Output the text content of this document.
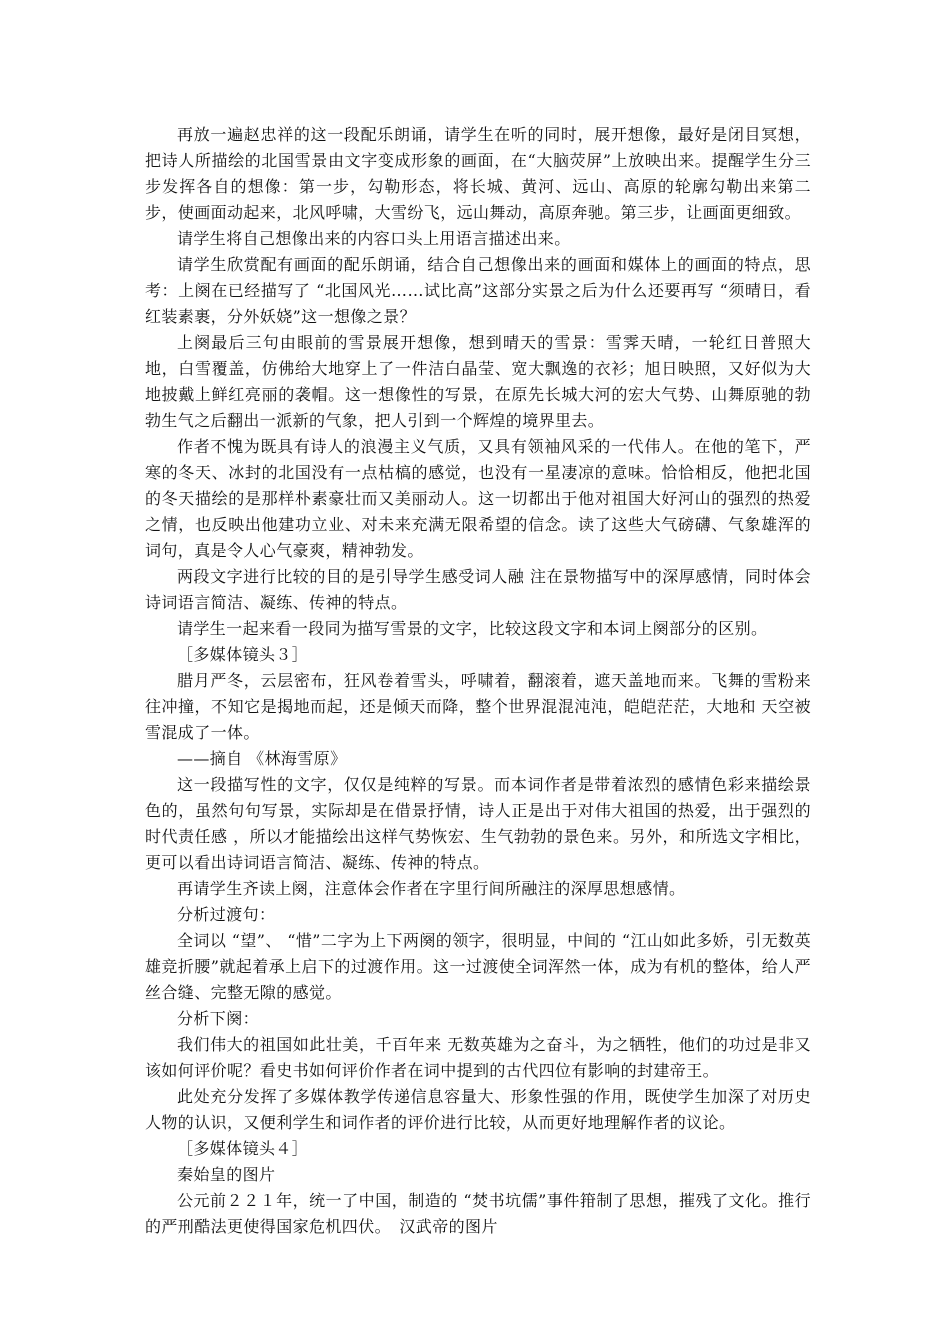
再放一遍赵忠祥的这一段配乐朗诵，请学生在听的同时，展开想像，最好是闭目冥想，把诗人所描绘的北国雪景由文字变成形象的画面，在“大脑荧屏”上放映出来。提醒学生分三步发挥各自的想像：第一步，勾勒形态，将长城、黄河、远山、高原的轮廓勾勒出来第二步，使画面动起来，北风呼啸，大雪纷飞，远山舞动，高原奔驰。第三步，让画面更细致。

请学生将自己想像出来的内容口头上用语言描述出来。

请学生欣赏配有画面的配乐朗诵，结合自己想像出来的画面和媒体上的画面的特点，思考：上阕在已经描写了 “北国风光……试比高”这部分实景之后为什么还要再写 “须晴日，看红装素裹，分外妖娆”这一想像之景？

上阕最后三句由眼前的雪景展开想像，想到晴天的雪景：雪霁天晴，一轮红日普照大地，白雪覆盖，仿佛给大地穿上了一件洁白晶莹、宽大飘逸的衣衫；旭日映照，又好似为大地披戴上鲜红亮丽的袭帽。这一想像性的写景，在原先长城大河的宏大气势、山舞原驰的勃勃生气之后翻出一派新的气象，把人引到一个辉煌的境界里去。

作者不愧为既具有诗人的浪漫主义气质，又具有领袖风采的一代伟人。在他的笔下，严寒的冬天、冰封的北国没有一点枯槁的感觉，也没有一星凄凉的意味。恰恰相反，他把北国的冬天描绘的是那样朴素豪壮而又美丽动人。这一切都出于他对祖国大好河山的强烈的热爱之情，也反映出他建功立业、对未来充满无限希望的信念。读了这些大气磅礴、气象雄浑的词句，真是令人心气豪爽，精神勃发。

两段文字进行比较的目的是引导学生感受词人融 注在景物描写中的深厚感情，同时体会诗词语言简洁、凝练、传神的特点。

请学生一起来看一段同为描写雪景的文字，比较这段文字和本词上阕部分的区别。

［多媒体镜头３］

腊月严冬，云层密布，狂风卷着雪头，呼啸着，翻滚着，遮天盖地而来。飞舞的雪粉来往冲撞，不知它是揭地而起，还是倾天而降，整个世界混混沌沌，皑皑茫茫，大地和 天空被雪混成了一体。

——摘自 《林海雪原》

这一段描写性的文字，仅仅是纯粹的写景。而本词作者是带着浓烈的感情色彩来描绘景色的，虽然句句写景，实际却是在借景抒情，诗人正是出于对伟大祖国的热爱，出于强烈的时代责任感 ，所以才能描绘出这样气势恢宏、生气勃勃的景色来。另外，和所选文字相比，更可以看出诗词语言简洁、凝练、传神的特点。

再请学生齐读上阕，注意体会作者在字里行间所融注的深厚思想感情。

分析过渡句：

全词以 “望”、 “惜”二字为上下两阕的领字，很明显，中间的 “江山如此多娇，引无数英雄竞折腰”就起着承上启下的过渡作用。这一过渡使全词浑然一体，成为有机的整体，给人严丝合缝、完整无隙的感觉。

分析下阕：

我们伟大的祖国如此壮美，千百年来 无数英雄为之奋斗，为之牺牲，他们的功过是非又该如何评价呢？看史书如何评价作者在词中提到的古代四位有影响的封建帝王。

此处充分发挥了多媒体教学传递信息容量大、形象性强的作用，既使学生加深了对历史人物的认识，又便利学生和词作者的评价进行比较，从而更好地理解作者的议论。

［多媒体镜头４］

秦始皇的图片

公元前２２１年，统一了中国，制造的 “焚书坑儒”事件箝制了思想，摧残了文化。推行的严刑酷法更使得国家危机四伏。　汉武帝的图片
